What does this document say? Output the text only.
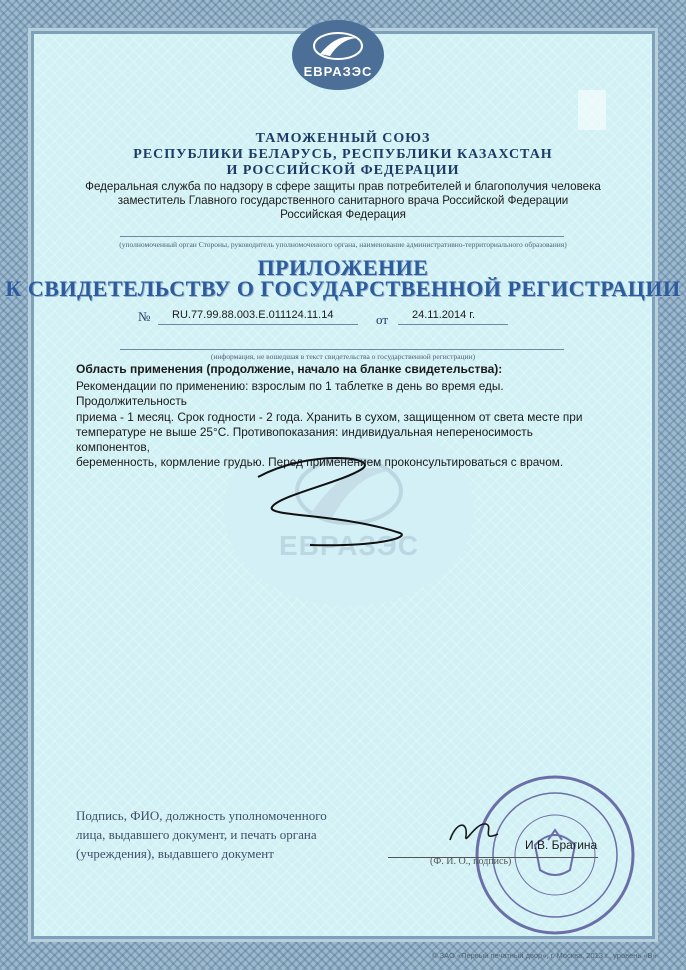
ЕВРАЗЭС
ТАМОЖЕННЫЙ СОЮЗ
РЕСПУБЛИКИ БЕЛАРУСЬ, РЕСПУБЛИКИ КАЗАХСТАН
И РОССИЙСКОЙ ФЕДЕРАЦИИ
Федеральная служба по надзору в сфере защиты прав потребителей и благополучия человека
заместитель Главного государственного санитарного врача Российской Федерации
Российская Федерация
(уполномоченный орган Стороны, руководитель уполномоченного органа, наименование административно-территориального образования)
ПРИЛОЖЕНИЕ
К СВИДЕТЕЛЬСТВУ О ГОСУДАРСТВЕННОЙ РЕГИСТРАЦИИ
№ RU.77.99.88.003.E.011124.11.14	от 24.11.2014 г.
(информация, не вошедшая в текст свидетельства о государственной регистрации)
ЕВРАЗЭС
Область применения (продолжение, начало на бланке свидетельства):
Рекомендации по применению: взрослым по 1 таблетке в день во время еды. Продолжительность
приема - 1 месяц. Срок годности - 2 года. Хранить в сухом, защищенном от света месте при
температуре не выше 25°С. Противопоказания: индивидуальная непереносимость компонентов,
беременность, кормление грудью. Перед применением проконсультироваться с врачом.
Подпись, ФИО, должность уполномоченного
лица, выдавшего документ, и печать органа
(учреждения), выдавшего документ
И.В. Брагина
(Ф. И. О., подпись)
© ЗАО «Первый печатный двор», г. Москва, 2013 г., уровень «В»
